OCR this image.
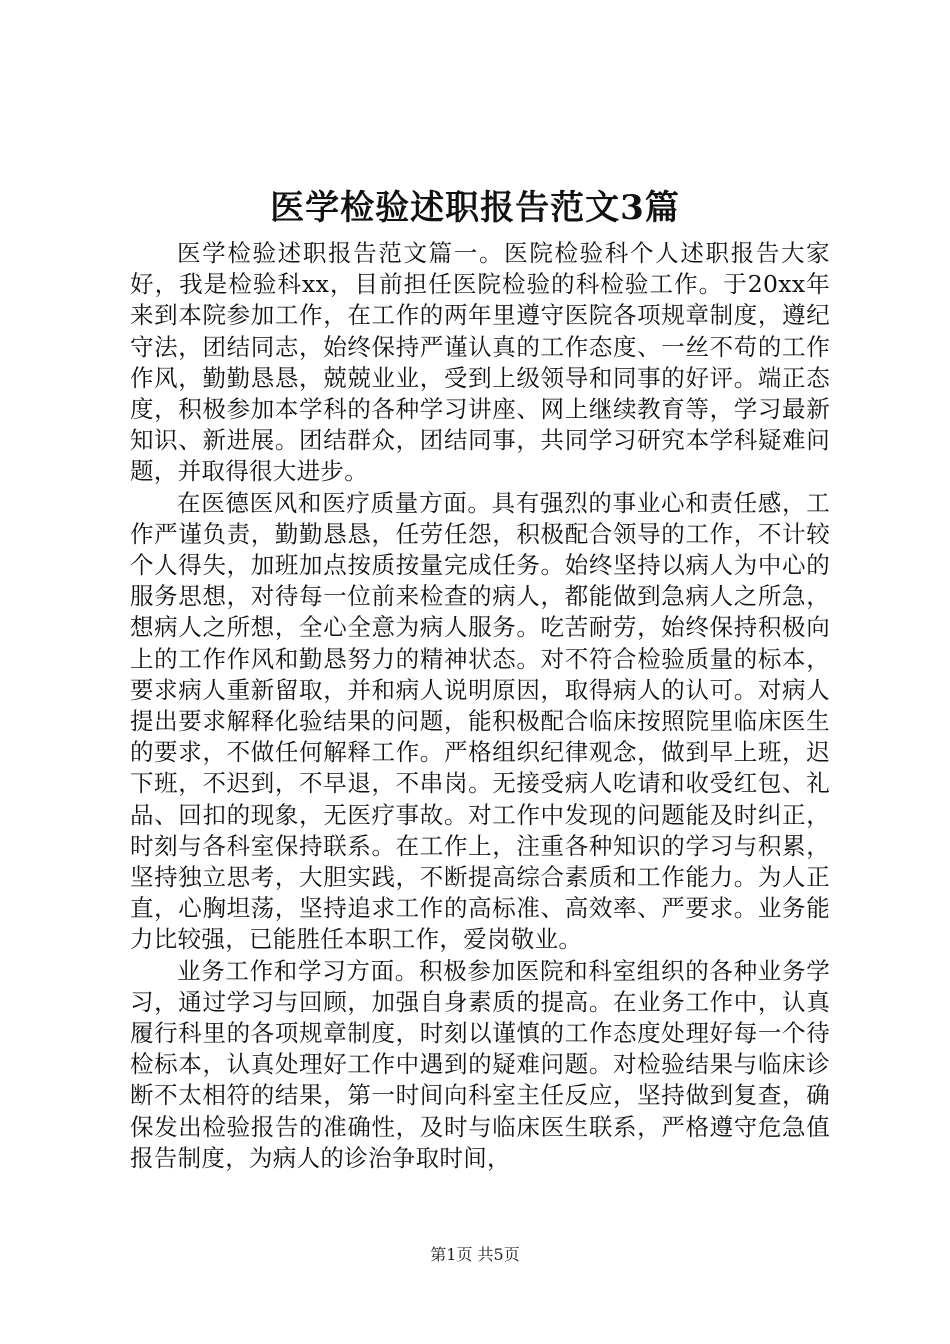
医学检验述职报告范文3篇

医学检验述职报告范文篇一。医院检验科个人述职报告大家好，我是检验科xx，目前担任医院检验的科检验工作。于20xx年来到本院参加工作，在工作的两年里遵守医院各项规章制度，遵纪守法，团结同志，始终保持严谨认真的工作态度、一丝不苟的工作作风，勤勤恳恳，兢兢业业，受到上级领导和同事的好评。端正态度，积极参加本学科的各种学习讲座、网上继续教育等，学习最新知识、新进展。团结群众，团结同事，共同学习研究本学科疑难问题，并取得很大进步。

在医德医风和医疗质量方面。具有强烈的事业心和责任感，工作严谨负责，勤勤恳恳，任劳任怨，积极配合领导的工作，不计较个人得失，加班加点按质按量完成任务。始终坚持以病人为中心的服务思想，对待每一位前来检查的病人，都能做到急病人之所急，想病人之所想，全心全意为病人服务。吃苦耐劳，始终保持积极向上的工作作风和勤恳努力的精神状态。对不符合检验质量的标本，要求病人重新留取，并和病人说明原因，取得病人的认可。对病人提出要求解释化验结果的问题，能积极配合临床按照院里临床医生的要求，不做任何解释工作。严格组织纪律观念，做到早上班，迟下班，不迟到，不早退，不串岗。无接受病人吃请和收受红包、礼品、回扣的现象，无医疗事故。对工作中发现的问题能及时纠正，时刻与各科室保持联系。在工作上，注重各种知识的学习与积累，坚持独立思考，大胆实践，不断提高综合素质和工作能力。为人正直，心胸坦荡，坚持追求工作的高标准、高效率、严要求。业务能力比较强，已能胜任本职工作，爱岗敬业。

业务工作和学习方面。积极参加医院和科室组织的各种业务学习，通过学习与回顾，加强自身素质的提高。在业务工作中，认真履行科里的各项规章制度，时刻以谨慎的工作态度处理好每一个待检标本，认真处理好工作中遇到的疑难问题。对检验结果与临床诊断不太相符的结果，第一时间向科室主任反应，坚持做到复查，确保发出检验报告的准确性，及时与临床医生联系，严格遵守危急值报告制度，为病人的诊治争取时间，

第1页 共5页
